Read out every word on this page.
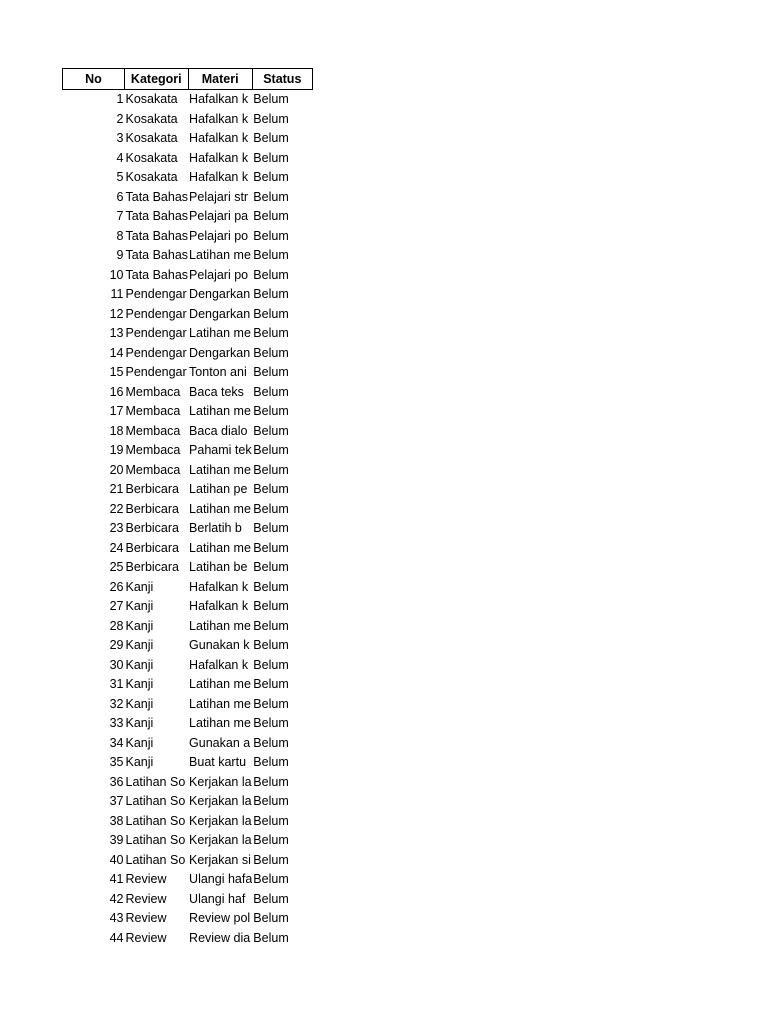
No	Kategori	Materi	Status
1	Kosakata	Hafalkan k	Belum
2	Kosakata	Hafalkan k	Belum
3	Kosakata	Hafalkan k	Belum
4	Kosakata	Hafalkan k	Belum
5	Kosakata	Hafalkan k	Belum
6	Tata Bahas	Pelajari str	Belum
7	Tata Bahas	Pelajari pa	Belum
8	Tata Bahas	Pelajari po	Belum
9	Tata Bahas	Latihan me	Belum
10	Tata Bahas	Pelajari po	Belum
11	Pendengar	Dengarkan	Belum
12	Pendengar	Dengarkan	Belum
13	Pendengar	Latihan me	Belum
14	Pendengar	Dengarkan	Belum
15	Pendengar	Tonton ani	Belum
16	Membaca	Baca teks	Belum
17	Membaca	Latihan me	Belum
18	Membaca	Baca dialo	Belum
19	Membaca	Pahami tek	Belum
20	Membaca	Latihan me	Belum
21	Berbicara	Latihan pe	Belum
22	Berbicara	Latihan me	Belum
23	Berbicara	Berlatih b	Belum
24	Berbicara	Latihan me	Belum
25	Berbicara	Latihan be	Belum
26	Kanji	Hafalkan k	Belum
27	Kanji	Hafalkan k	Belum
28	Kanji	Latihan me	Belum
29	Kanji	Gunakan k	Belum
30	Kanji	Hafalkan k	Belum
31	Kanji	Latihan me	Belum
32	Kanji	Latihan me	Belum
33	Kanji	Latihan me	Belum
34	Kanji	Gunakan a	Belum
35	Kanji	Buat kartu	Belum
36	Latihan So	Kerjakan la	Belum
37	Latihan So	Kerjakan la	Belum
38	Latihan So	Kerjakan la	Belum
39	Latihan So	Kerjakan la	Belum
40	Latihan So	Kerjakan si	Belum
41	Review	Ulangi hafa	Belum
42	Review	Ulangi haf	Belum
43	Review	Review pol	Belum
44	Review	Review dia	Belum
